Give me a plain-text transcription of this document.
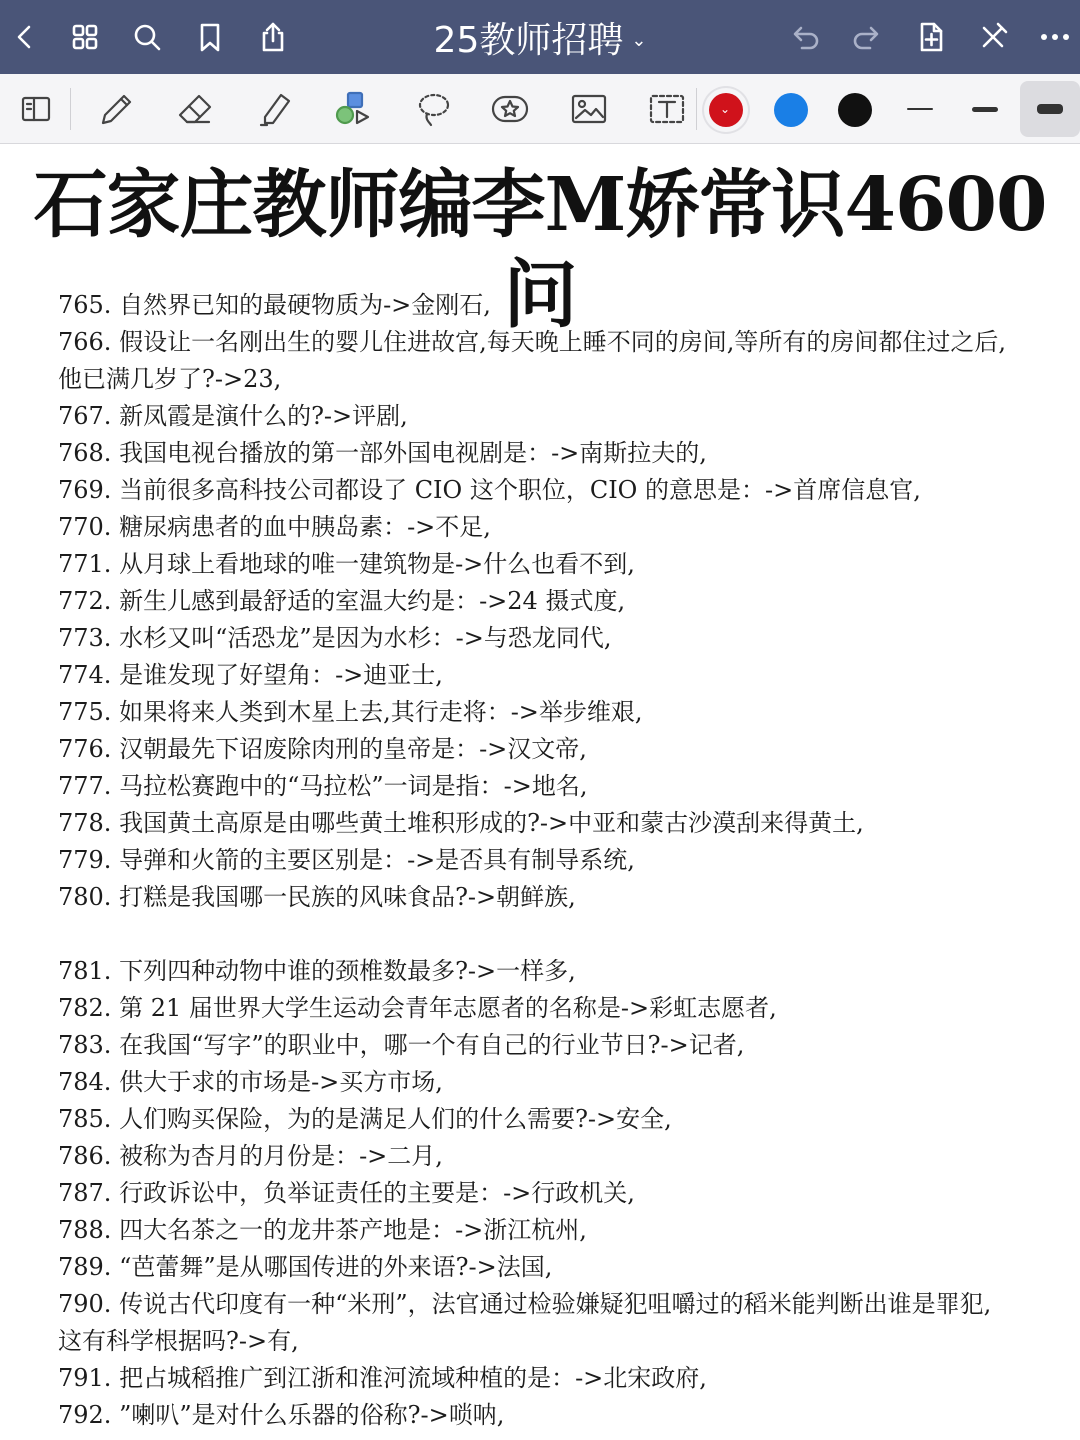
25教师招聘 ⌄
⌄
石家庄教师编李M娇常识4600问
765. 自然界已知的最硬物质为->金刚石,
766. 假设让一名刚出生的婴儿住进故宫,每天晚上睡不同的房间,等所有的房间都住过之后,
他已满几岁了?->23,
767. 新凤霞是演什么的?->评剧,
768. 我国电视台播放的第一部外国电视剧是：->南斯拉夫的,
769. 当前很多高科技公司都设了 CIO 这个职位，CIO 的意思是：->首席信息官,
770. 糖尿病患者的血中胰岛素：->不足,
771. 从月球上看地球的唯一建筑物是->什么也看不到,
772. 新生儿感到最舒适的室温大约是：->24 摄式度,
773. 水杉又叫“活恐龙”是因为水杉：->与恐龙同代,
774. 是谁发现了好望角：->迪亚士,
775. 如果将来人类到木星上去,其行走将：->举步维艰,
776. 汉朝最先下诏废除肉刑的皇帝是：->汉文帝,
777. 马拉松赛跑中的“马拉松”一词是指：->地名,
778. 我国黄土高原是由哪些黄土堆积形成的?->中亚和蒙古沙漠刮来得黄土,
779. 导弹和火箭的主要区别是：->是否具有制导系统,
780. 打糕是我国哪一民族的风味食品?->朝鲜族,
781. 下列四种动物中谁的颈椎数最多?->一样多,
782. 第 21 届世界大学生运动会青年志愿者的名称是->彩虹志愿者,
783. 在我国“写字”的职业中，哪一个有自己的行业节日?->记者,
784. 供大于求的市场是->买方市场,
785. 人们购买保险，为的是满足人们的什么需要?->安全,
786. 被称为杏月的月份是：->二月,
787. 行政诉讼中，负举证责任的主要是：->行政机关,
788. 四大名茶之一的龙井茶产地是：->浙江杭州,
789. “芭蕾舞”是从哪国传进的外来语?->法国,
790. 传说古代印度有一种“米刑”，法官通过检验嫌疑犯咀嚼过的稻米能判断出谁是罪犯,
这有科学根据吗?->有,
791. 把占城稻推广到江浙和淮河流域种植的是：->北宋政府,
792. ”喇叭”是对什么乐器的俗称?->唢呐,
